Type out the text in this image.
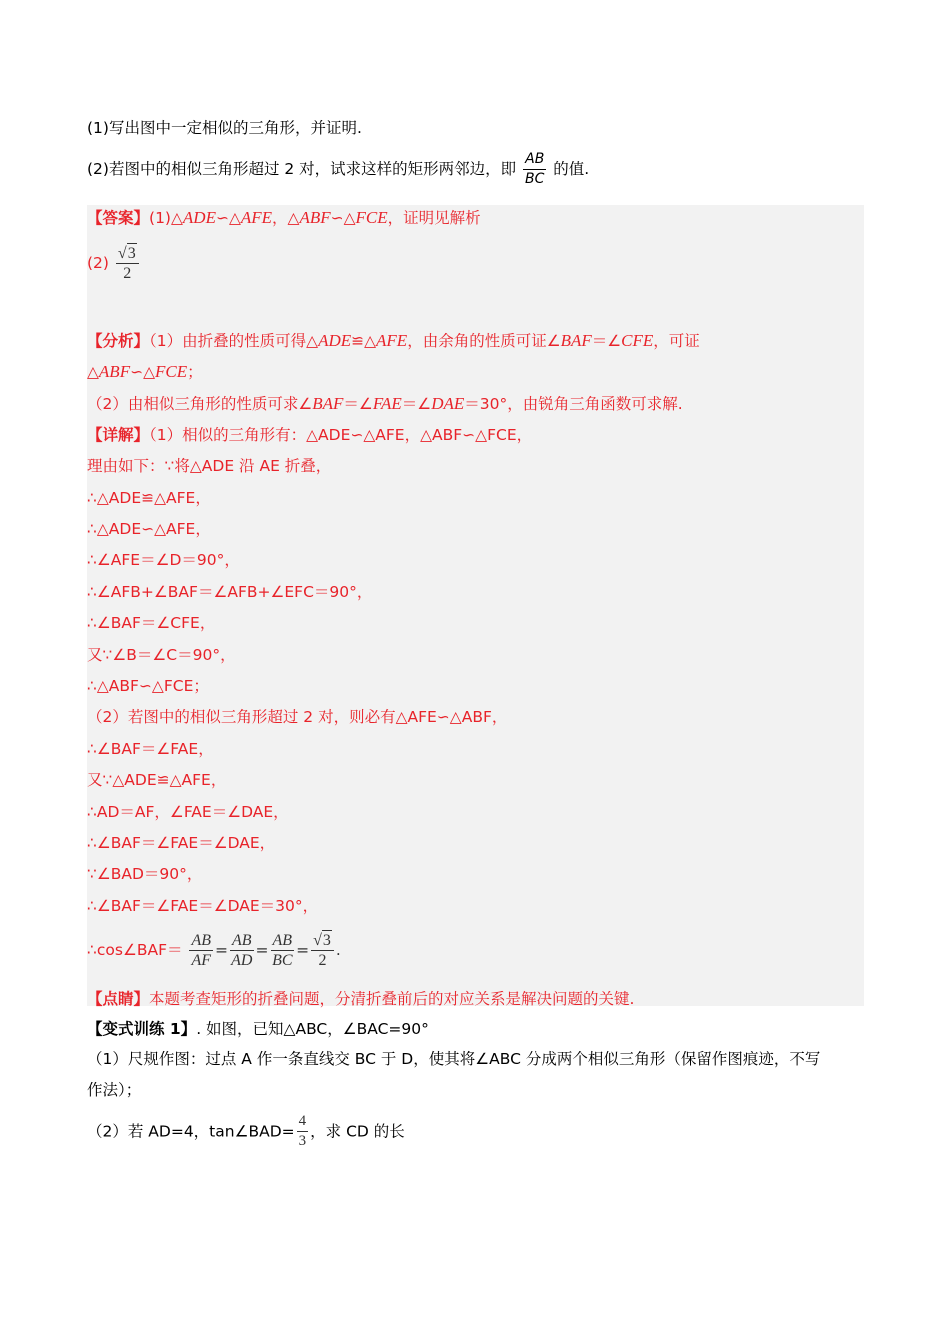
(1)写出图中一定相似的三角形，并证明.
(2)若图中的相似三角形超过 2 对，试求这样的矩形两邻边，即 $\frac{AB}{BC}$ 的值.
【答案】(1)△ADE∽△AFE，△ABF∽△FCE，证明见解析
$(2) \frac{√3}{2}$
【分析】（1）由折叠的性质可得△ADE≌△AFE，由余角的性质可证∠BAF＝∠CFE，可证
△ABF∽△FCE；
（2）由相似三角形的性质可求∠BAF＝∠FAE＝∠DAE＝30°，由锐角三角函数可求解.
【详解】（1）相似的三角形有：△ADE∽△AFE，△ABF∽△FCE，
理由如下：∵将△ADE 沿 AE 折叠，
∴△ADE≌△AFE，
∴△ADE∽△AFE，
∴∠AFE＝∠D＝90°，
∴∠AFB+∠BAF＝∠AFB+∠EFC＝90°，
∴∠BAF＝∠CFE，
又∵∠B＝∠C＝90°，
∴△ABF∽△FCE；
（2）若图中的相似三角形超过 2 对，则必有△AFE∽△ABF，
∴∠BAF＝∠FAE，
又∵△ADE≌△AFE，
∴AD＝AF，∠FAE＝∠DAE，
∴∠BAF＝∠FAE＝∠DAE，
∵∠BAD＝90°，
∴∠BAF＝∠FAE＝∠DAE＝30°，
∴cos∠BAF＝ $\frac{AB}{AF} = \frac{AB}{AD} = \frac{AB}{BC} = \frac{√3}{2}$ .
【点睛】本题考查矩形的折叠问题，分清折叠前后的对应关系是解决问题的关键.
【变式训练 1】. 如图，已知△ABC，∠BAC=90°
（1）尺规作图：过点 A 作一条直线交 BC 于 D，使其将∠ABC 分成两个相似三角形（保留作图痕迹，不写
作法）；
（2）若 AD=4，tan∠BAD= $\frac{4}{3}$ ，求 CD 的长
